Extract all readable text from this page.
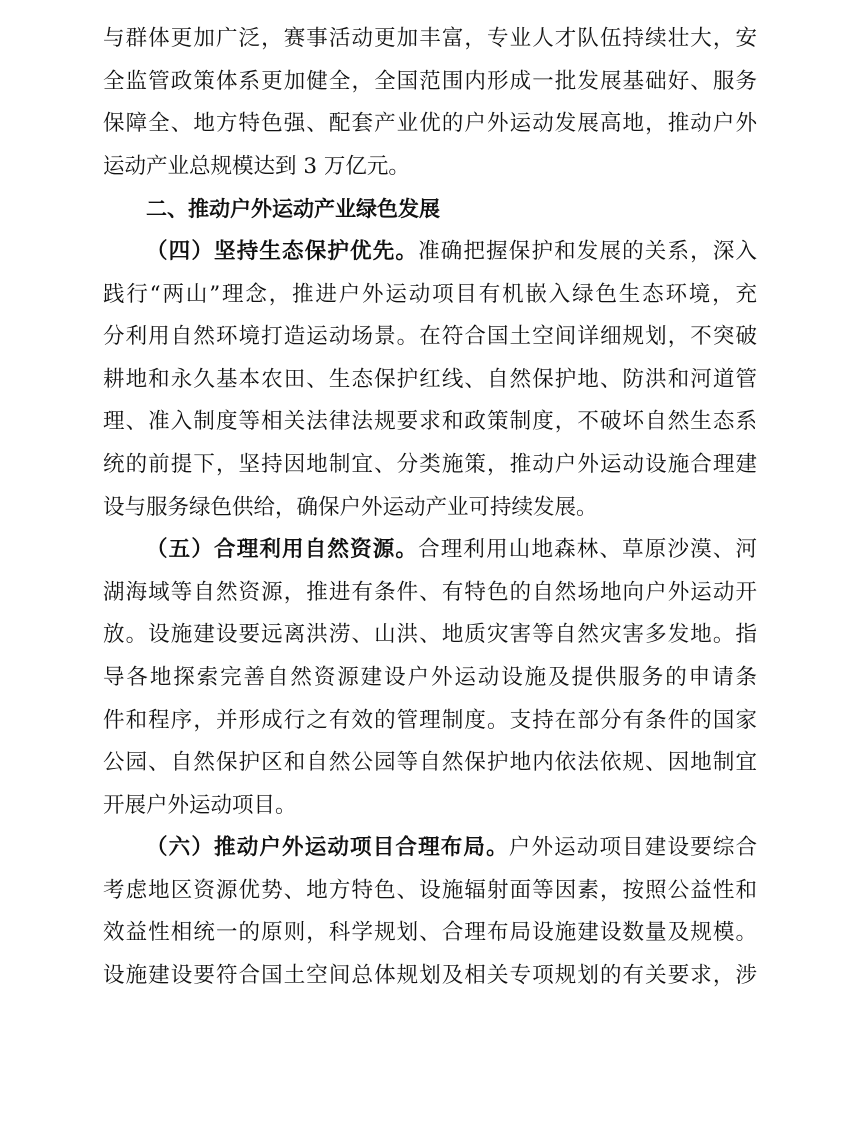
与群体更加广泛，赛事活动更加丰富，专业人才队伍持续壮大，安
全监管政策体系更加健全，全国范围内形成一批发展基础好、服务
保障全、地方特色强、配套产业优的户外运动发展高地，推动户外
运动产业总规模达到 3 万亿元。
二、推动户外运动产业绿色发展
（四）坚持生态保护优先。准确把握保护和发展的关系，深入
践行“两山”理念，推进户外运动项目有机嵌入绿色生态环境，充
分利用自然环境打造运动场景。在符合国土空间详细规划，不突破
耕地和永久基本农田、生态保护红线、自然保护地、防洪和河道管
理、准入制度等相关法律法规要求和政策制度，不破坏自然生态系
统的前提下，坚持因地制宜、分类施策，推动户外运动设施合理建
设与服务绿色供给，确保户外运动产业可持续发展。
（五）合理利用自然资源。合理利用山地森林、草原沙漠、河
湖海域等自然资源，推进有条件、有特色的自然场地向户外运动开
放。设施建设要远离洪涝、山洪、地质灾害等自然灾害多发地。指
导各地探索完善自然资源建设户外运动设施及提供服务的申请条
件和程序，并形成行之有效的管理制度。支持在部分有条件的国家
公园、自然保护区和自然公园等自然保护地内依法依规、因地制宜
开展户外运动项目。
（六）推动户外运动项目合理布局。户外运动项目建设要综合
考虑地区资源优势、地方特色、设施辐射面等因素，按照公益性和
效益性相统一的原则，科学规划、合理布局设施建设数量及规模。
设施建设要符合国土空间总体规划及相关专项规划的有关要求，涉
